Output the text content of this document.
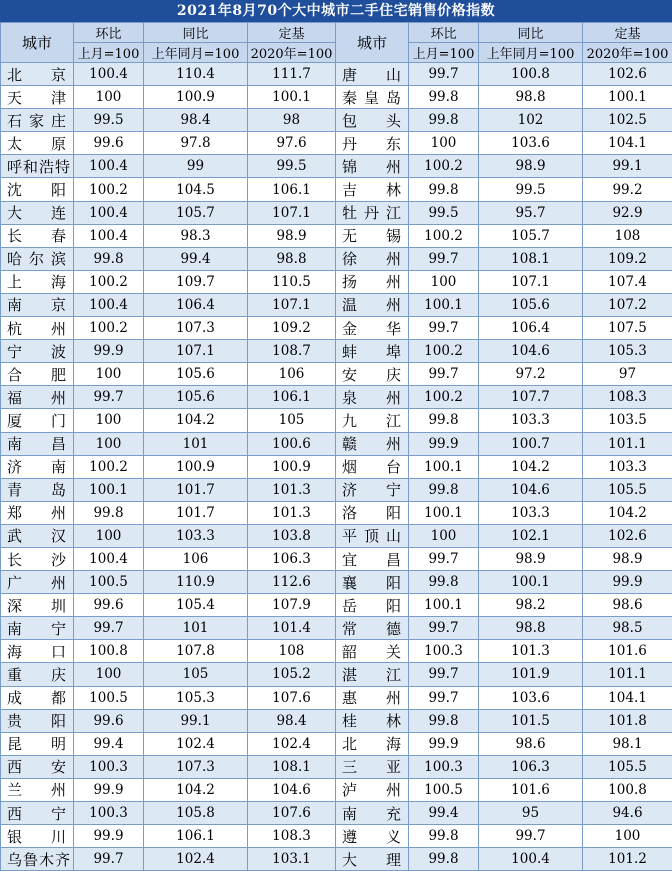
2021年8月70个大中城市二手住宅销售价格指数
城市	环比	同比	定基	城市	环比	同比	定基
	上月=100	上年同月=100	2020年=100		上月=100	上年同月=100	2020年=100
北　京	100.4	110.4	111.7	唐　山	99.7	100.8	102.6
天　津	100	100.9	100.1	秦皇岛	99.8	98.8	100.1
石家庄	99.5	98.4	98	包　头	99.8	102	102.5
太　原	99.6	97.8	97.6	丹　东	100	103.6	104.1
呼和浩特	100.4	99	99.5	锦　州	100.2	98.9	99.1
沈　阳	100.2	104.5	106.1	吉　林	99.8	99.5	99.2
大　连	100.4	105.7	107.1	牡丹江	99.5	95.7	92.9
长　春	100.4	98.3	98.9	无　锡	100.2	105.7	108
哈尔滨	99.8	99.4	98.8	徐　州	99.7	108.1	109.2
上　海	100.2	109.7	110.5	扬　州	100	107.1	107.4
南　京	100.4	106.4	107.1	温　州	100.1	105.6	107.2
杭　州	100.2	107.3	109.2	金　华	99.7	106.4	107.5
宁　波	99.9	107.1	108.7	蚌　埠	100.2	104.6	105.3
合　肥	100	105.6	106	安　庆	99.7	97.2	97
福　州	99.7	105.6	106.1	泉　州	100.2	107.7	108.3
厦　门	100	104.2	105	九　江	99.8	103.3	103.5
南　昌	100	101	100.6	赣　州	99.9	100.7	101.1
济　南	100.2	100.9	100.9	烟　台	100.1	104.2	103.3
青　岛	100.1	101.7	101.3	济　宁	99.8	104.6	105.5
郑　州	99.8	101.7	101.3	洛　阳	100.1	103.3	104.2
武　汉	100	103.3	103.8	平顶山	100	102.1	102.6
长　沙	100.4	106	106.3	宜　昌	99.7	98.9	98.9
广　州	100.5	110.9	112.6	襄　阳	99.8	100.1	99.9
深　圳	99.6	105.4	107.9	岳　阳	100.1	98.2	98.6
南　宁	99.7	101	101.4	常　德	99.7	98.8	98.5
海　口	100.8	107.8	108	韶　关	100.3	101.3	101.6
重　庆	100	105	105.2	湛　江	99.7	101.9	101.1
成　都	100.5	105.3	107.6	惠　州	99.7	103.6	104.1
贵　阳	99.6	99.1	98.4	桂　林	99.8	101.5	101.8
昆　明	99.4	102.4	102.4	北　海	99.9	98.6	98.1
西　安	100.3	107.3	108.1	三　亚	100.3	106.3	105.5
兰　州	99.9	104.2	104.6	泸　州	100.5	101.6	100.8
西　宁	100.3	105.8	107.6	南　充	99.4	95	94.6
银　川	99.9	106.1	108.3	遵　义	99.8	99.7	100
乌鲁木齐	99.7	102.4	103.1	大　理	99.8	100.4	101.2
